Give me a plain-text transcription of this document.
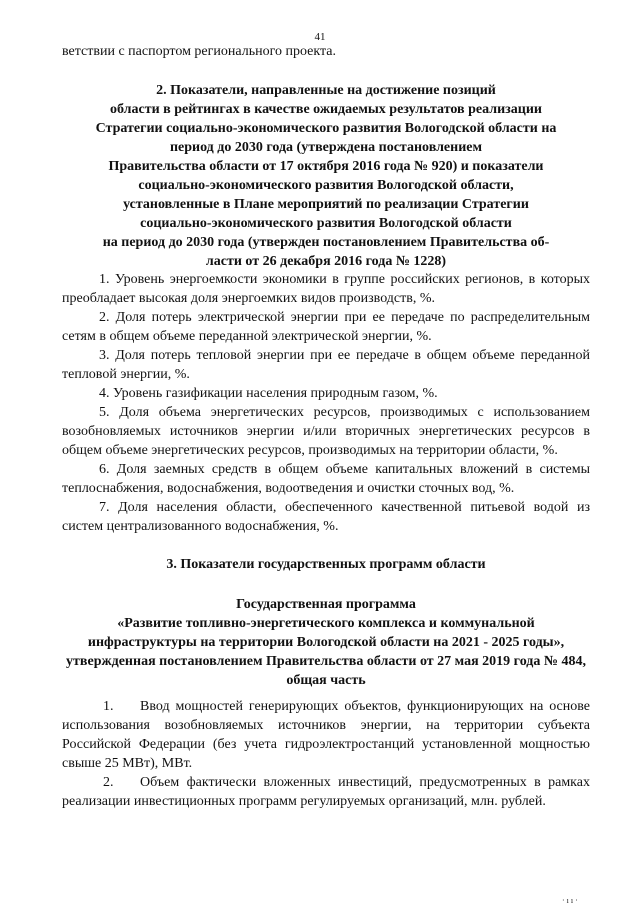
41
ветствии с паспортом регионального проекта.
2. Показатели, направленные на достижение позиций
области в рейтингах в качестве ожидаемых результатов реализации
Стратегии социально-экономического развития Вологодской области на
период до 2030 года (утверждена постановлением
Правительства области от 17 октября 2016 года № 920) и показатели
социально-экономического развития Вологодской области,
установленные в Плане мероприятий по реализации Стратегии
социально-экономического развития Вологодской области
на период до 2030 года (утвержден постановлением Правительства об-
ласти от 26 декабря 2016 года № 1228)

1. Уровень энергоемкости экономики в группе российских регионов, в которых преобладает высокая доля энергоемких видов производств, %.

2. Доля потерь электрической энергии при ее передаче по распределительным сетям в общем объеме переданной электрической энергии, %.

3. Доля потерь тепловой энергии при ее передаче в общем объеме переданной тепловой энергии, %.

4. Уровень газификации населения природным газом, %.

5. Доля объема энергетических ресурсов, производимых с использованием возобновляемых источников энергии и/или вторичных энергетических ресурсов в общем объеме энергетических ресурсов, производимых на территории области, %.

6. Доля заемных средств в общем объеме капитальных вложений в системы теплоснабжения, водоснабжения, водоотведения и очистки сточных вод, %.

7. Доля населения области, обеспеченного качественной питьевой водой из систем централизованного водоснабжения, %.

3. Показатели государственных программ области
Государственная программа
«Развитие топливно-энергетического комплекса и коммунальной инфраструктуры на территории Вологодской области на 2021 - 2025 годы», утвержденная постановлением Правительства области от 27 мая 2019 года № 484, общая часть

1. Ввод мощностей генерирующих объектов, функционирующих на основе использования возобновляемых источников энергии, на территории субъекта Российской Федерации (без учета гидроэлектростанций установленной мощностью свыше 25 МВт), МВт.

2. Объем фактически вложенных инвестиций, предусмотренных в рамках реализации инвестиционных программ регулируемых организаций, млн. рублей.

· ı ı ·
